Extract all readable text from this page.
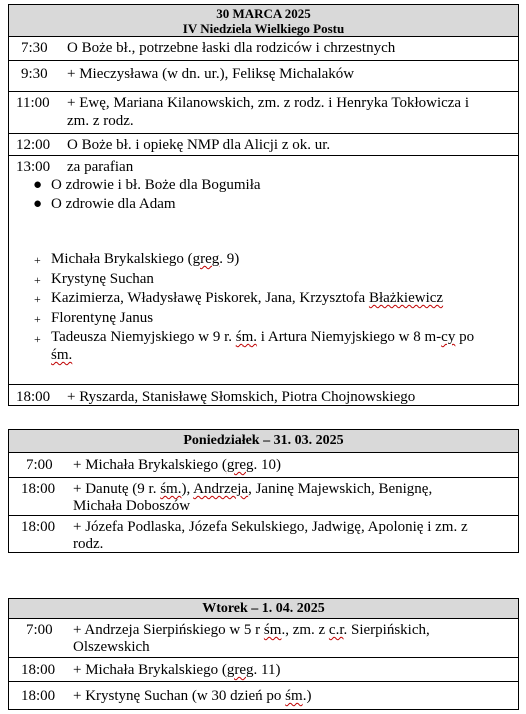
30 MARCA 2025
IV Niedziela Wielkiego Postu
7:30 O Boże bł., potrzebne łaski dla rodziców i chrzestnych
9:30 + Mieczysława (w dn. ur.), Feliksę Michalaków
11:00 + Ewę, Mariana Kilanowskich, zm. z rodz. i Henryka Tokłowicza i
zm. z rodz.
12:00 O Boże bł. i opiekę NMP dla Alicji z ok. ur.
13:00 za parafian
● O zdrowie i bł. Boże dla Bogumiła
● O zdrowie dla Adam
+ Michała Brykalskiego (greg. 9)
+ Krystynę Suchan
+ Kazimierza, Władysławę Piskorek, Jana, Krzysztofa Błażkiewicz
+ Florentynę Janus
+ Tadeusza Niemyjskiego w 9 r. śm. i Artura Niemyjskiego w 8 m-cy po
śm.
18:00 + Ryszarda, Stanisławę Słomskich, Piotra Chojnowskiego
Poniedziałek – 31. 03. 2025
7:00 + Michała Brykalskiego (greg. 10)
18:00 + Danutę (9 r. śm.), Andrzeja, Janinę Majewskich, Benignę,
Michała Doboszów
18:00 + Józefa Podlaska, Józefa Sekulskiego, Jadwigę, Apolonię i zm. z
rodz.
Wtorek – 1. 04. 2025
7:00 + Andrzeja Sierpińskiego w 5 r śm., zm. z c.r. Sierpińskich,
Olszewskich
18:00 + Michała Brykalskiego (greg. 11)
18:00 + Krystynę Suchan (w 30 dzień po śm.)
